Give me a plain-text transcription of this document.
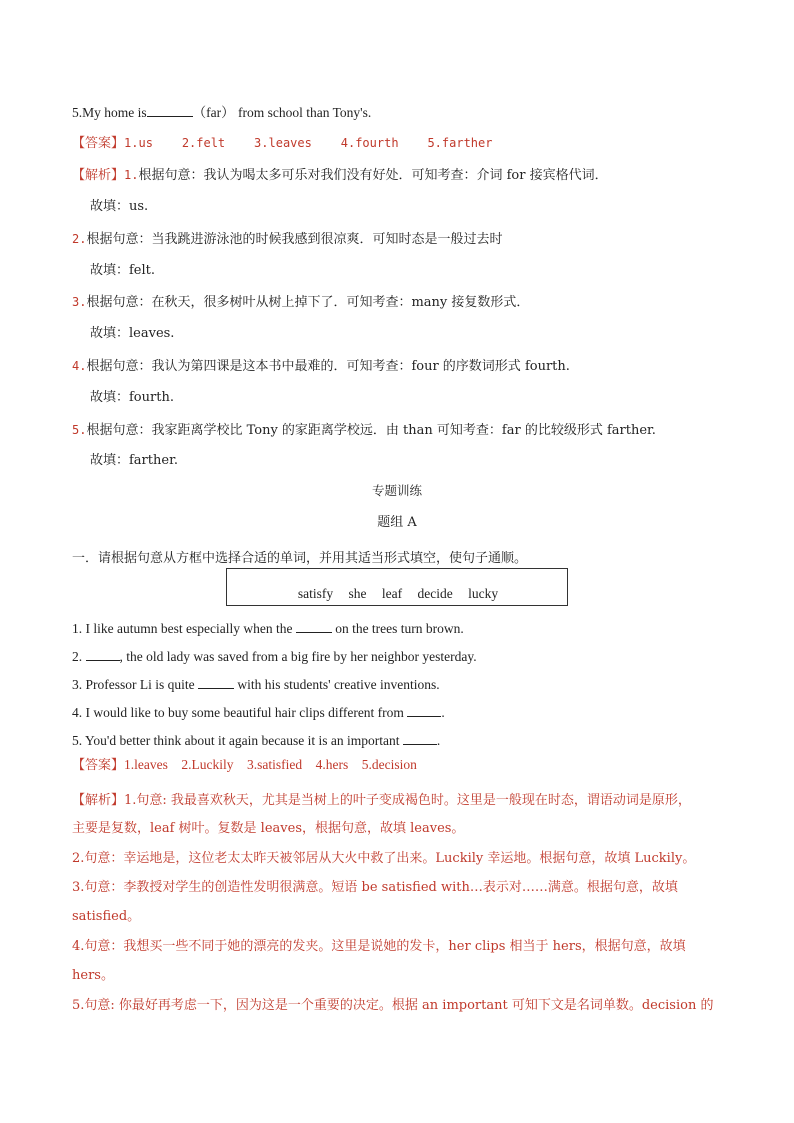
5.My home is	（far） from school than Tony's.
【答案】1.us    2.felt    3.leaves    4.fourth    5.farther
【解析】1.根据句意：我认为喝太多可乐对我们没有好处．可知考查：介词 for 接宾格代词．
故填：us.
2.根据句意：当我跳进游泳池的时候我感到很凉爽．可知时态是一般过去时
故填：felt.
3.根据句意：在秋天，很多树叶从树上掉下了．可知考查：many 接复数形式．
故填：leaves.
4.根据句意：我认为第四课是这本书中最难的．可知考查：four 的序数词形式 fourth.
故填：fourth.
5.根据句意：我家距离学校比 Tony 的家距离学校远．由 than 可知考查：far 的比较级形式 farther.
故填：farther.
专题训练
题组 A
一．请根据句意从方框中选择合适的单词，并用其适当形式填空，使句子通顺。
satisfy she leaf decide lucky
1. I like autumn best especially when the	on the trees turn brown.
2.	, the old lady was saved from a big fire by her neighbor yesterday.
3. Professor Li is quite	with his students' creative inventions.
4. I would like to buy some beautiful hair clips different from	.
5. You'd better think about it again because it is an important	.
【答案】1.leaves    2.Luckily    3.satisfied    4.hers    5.decision
【解析】1.句意: 我最喜欢秋天，尤其是当树上的叶子变成褐色时。这里是一般现在时态，谓语动词是原形，
主要是复数，leaf 树叶。复数是 leaves，根据句意，故填 leaves。
2.句意：幸运地是，这位老太太昨天被邻居从大火中救了出来。Luckily 幸运地。根据句意，故填 Luckily。
3.句意：李教授对学生的创造性发明很满意。短语 be satisfied with…表示对……满意。根据句意，故填
satisfied。
4.句意：我想买一些不同于她的漂亮的发夹。这里是说她的发卡，her clips 相当于 hers，根据句意，故填
hers。
5.句意: 你最好再考虑一下，因为这是一个重要的决定。根据 an important 可知下文是名词单数。decision 的
